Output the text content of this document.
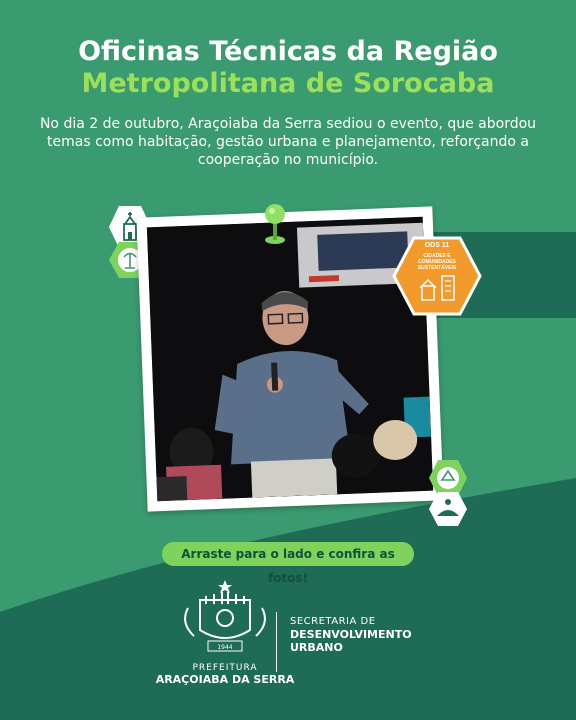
Oficinas Técnicas da Região
Metropolitana de Sorocaba
No dia 2 de outubro, Araçoiaba da Serra sediou o evento, que abordou temas como habitação, gestão urbana e planejamento, reforçando a cooperação no município.
ODS 11
CIDADES E COMUNIDADES SUSTENTÁVEIS
Arraste para o lado e confira as fotos!
1944
PREFEITURA
ARAÇOIABA DA SERRA
SECRETARIA DE
DESENVOLVIMENTO
URBANO
